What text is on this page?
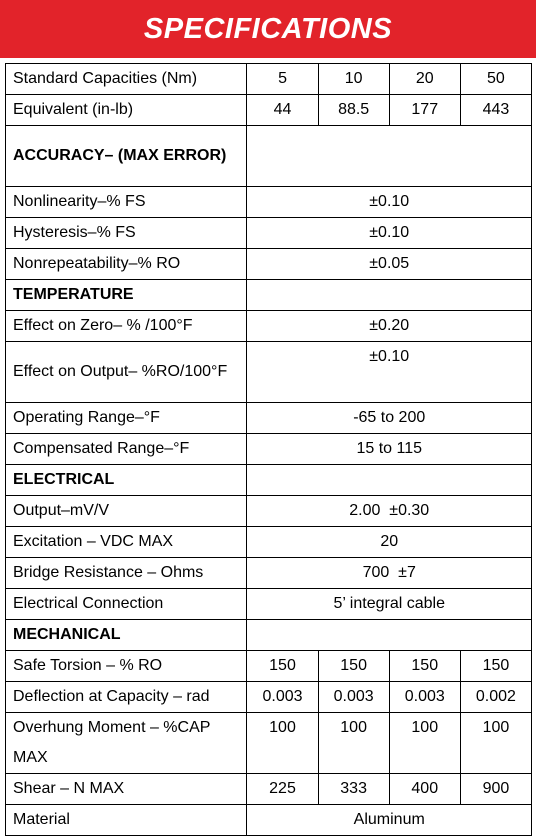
SPECIFICATIONS
Standard Capacities (Nm)	5	10	20	50
Equivalent (in-lb)	44	88.5	177	443
ACCURACY– (MAX ERROR)				
Nonlinearity–% FS	±0.10			
Hysteresis–% FS	±0.10			
Nonrepeatability–% RO	±0.05			
TEMPERATURE				
Effect on Zero– % /100°F	±0.20			
Effect on Output– %RO/100°F	±0.10			
Operating Range–°F	-65 to 200			
Compensated Range–°F	15 to 115			
ELECTRICAL				
Output–mV/V	2.00  ±0.30			
Excitation – VDC MAX	20			
Bridge Resistance – Ohms	700  ±7			
Electrical Connection	5’ integral cable			
MECHANICAL				
Safe Torsion – % RO	150	150	150	150
Deflection at Capacity – rad	0.003	0.003	0.003	0.002
Overhung Moment – %CAP MAX	100	100	100	100
Shear – N MAX	225	333	400	900
Material	Aluminum			
